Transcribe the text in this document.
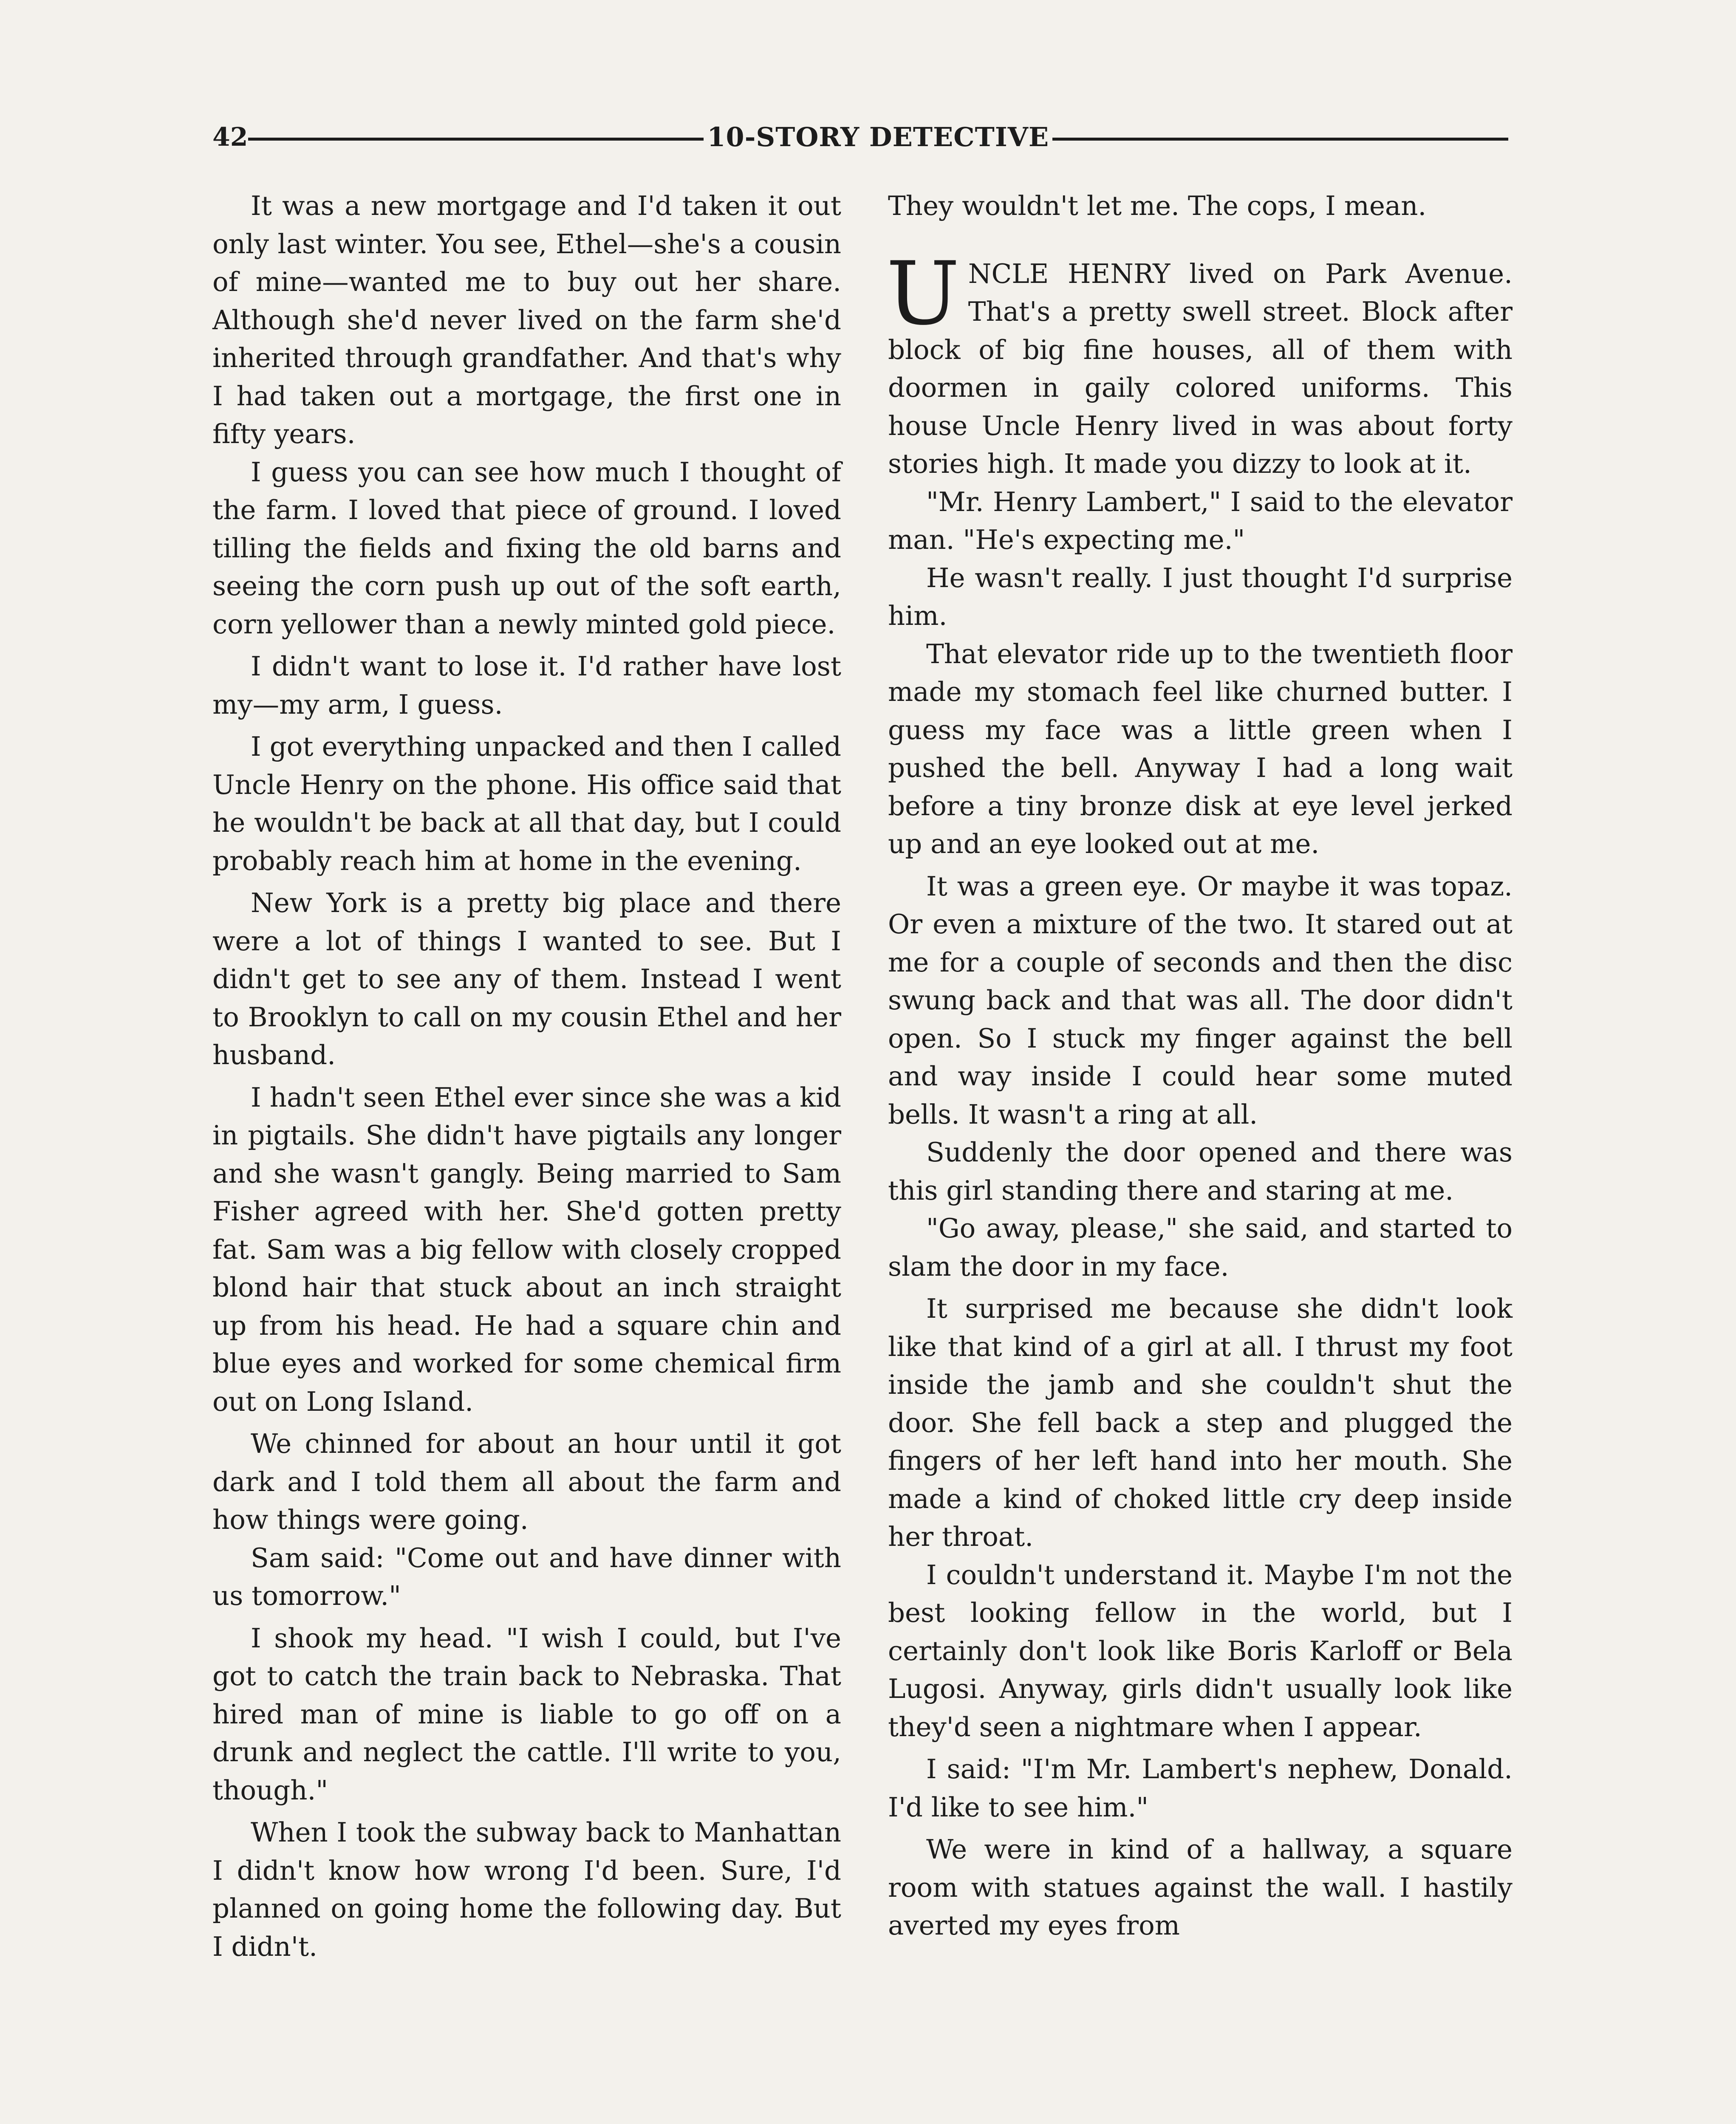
42	10-STORY DETECTIVE

It was a new mortgage and I'd taken it out only last winter. You see, Ethel—she's a cousin of mine—wanted me to buy out her share. Although she'd never lived on the farm she'd inherited through grandfather. And that's why I had taken out a mortgage, the first one in fifty years.

I guess you can see how much I thought of the farm. I loved that piece of ground. I loved tilling the fields and fixing the old barns and seeing the corn push up out of the soft earth, corn yellower than a newly minted gold piece.

I didn't want to lose it. I'd rather have lost my—my arm, I guess.

I got everything unpacked and then I called Uncle Henry on the phone. His office said that he wouldn't be back at all that day, but I could probably reach him at home in the evening.

New York is a pretty big place and there were a lot of things I wanted to see. But I didn't get to see any of them. Instead I went to Brooklyn to call on my cousin Ethel and her husband.

I hadn't seen Ethel ever since she was a kid in pigtails. She didn't have pigtails any longer and she wasn't gangly. Being married to Sam Fisher agreed with her. She'd gotten pretty fat. Sam was a big fellow with closely cropped blond hair that stuck about an inch straight up from his head. He had a square chin and blue eyes and worked for some chemical firm out on Long Island.

We chinned for about an hour until it got dark and I told them all about the farm and how things were going.

Sam said: "Come out and have dinner with us tomorrow."

I shook my head. "I wish I could, but I've got to catch the train back to Nebraska. That hired man of mine is liable to go off on a drunk and neglect the cattle. I'll write to you, though."

When I took the subway back to Manhattan I didn't know how wrong I'd been. Sure, I'd planned on going home the following day. But I didn't.

They wouldn't let me. The cops, I mean.

UNCLE HENRY lived on Park Avenue. That's a pretty swell street. Block after block of big fine houses, all of them with doormen in gaily colored uniforms. This house Uncle Henry lived in was about forty stories high. It made you dizzy to look at it.

"Mr. Henry Lambert," I said to the elevator man. "He's expecting me."

He wasn't really. I just thought I'd surprise him.

That elevator ride up to the twentieth floor made my stomach feel like churned butter. I guess my face was a little green when I pushed the bell. Anyway I had a long wait before a tiny bronze disk at eye level jerked up and an eye looked out at me.

It was a green eye. Or maybe it was topaz. Or even a mixture of the two. It stared out at me for a couple of seconds and then the disc swung back and that was all. The door didn't open. So I stuck my finger against the bell and way inside I could hear some muted bells. It wasn't a ring at all.

Suddenly the door opened and there was this girl standing there and staring at me.

"Go away, please," she said, and started to slam the door in my face.

It surprised me because she didn't look like that kind of a girl at all. I thrust my foot inside the jamb and she couldn't shut the door. She fell back a step and plugged the fingers of her left hand into her mouth. She made a kind of choked little cry deep inside her throat.

I couldn't understand it. Maybe I'm not the best looking fellow in the world, but I certainly don't look like Boris Karloff or Bela Lugosi. Anyway, girls didn't usually look like they'd seen a nightmare when I appear.

I said: "I'm Mr. Lambert's nephew, Donald. I'd like to see him."

We were in kind of a hallway, a square room with statues against the wall. I hastily averted my eyes from
